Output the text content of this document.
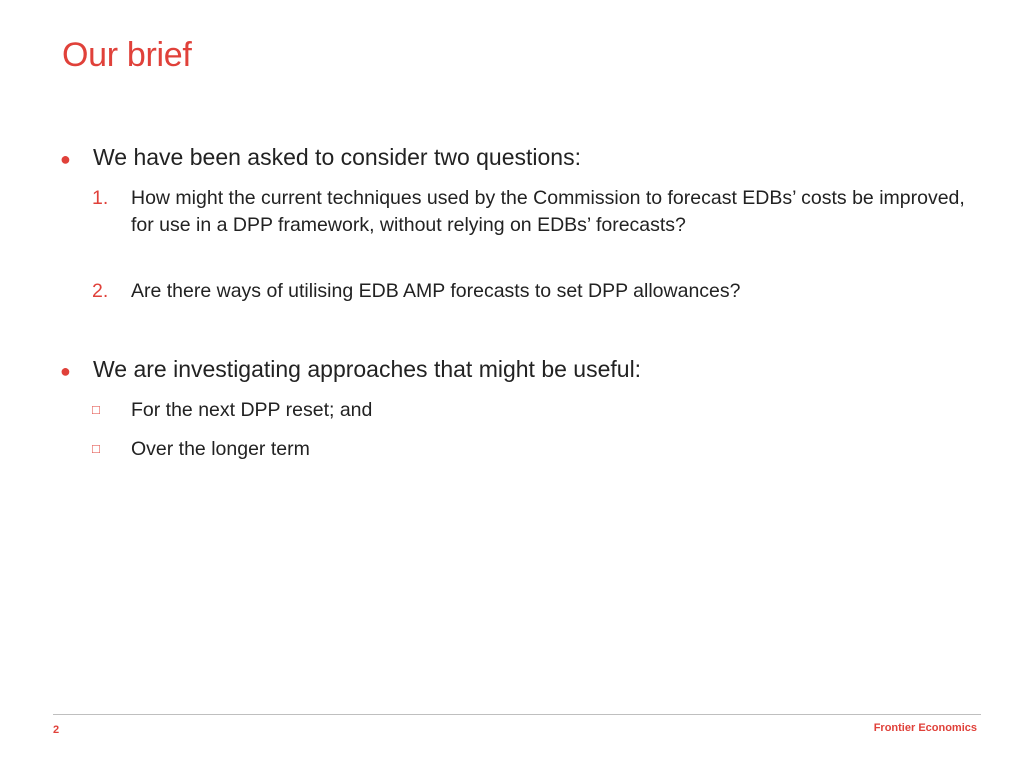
Our brief
● We have been asked to consider two questions:
1.	How might the current techniques used by the Commission to forecast EDBs’ costs be improved, for use in a DPP framework, without relying on EDBs’ forecasts?
2.	Are there ways of utilising EDB AMP forecasts to set DPP allowances?
● We are investigating approaches that might be useful:
□	For the next DPP reset; and
□	Over the longer term
2	Frontier Economics
